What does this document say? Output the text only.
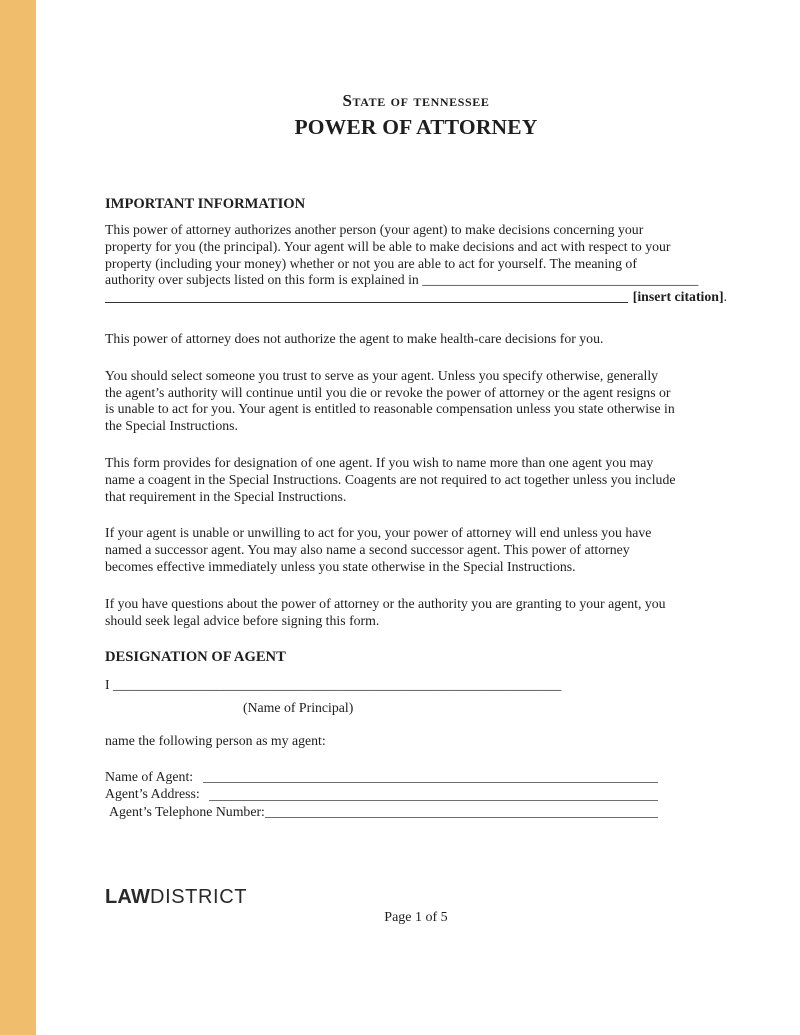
State of tennessee
POWER OF ATTORNEY
IMPORTANT INFORMATION
This power of attorney authorizes another person (your agent) to make decisions concerning your
property for you (the principal). Your agent will be able to make decisions and act with respect to your
property (including your money) whether or not you are able to act for yourself. The meaning of
authority over subjects listed on this form is explained in ________________________________________
[insert citation] .
This power of attorney does not authorize the agent to make health-care decisions for you.
You should select someone you trust to serve as your agent. Unless you specify otherwise, generally
the agent’s authority will continue until you die or revoke the power of attorney or the agent resigns or
is unable to act for you. Your agent is entitled to reasonable compensation unless you state otherwise in
the Special Instructions.
This form provides for designation of one agent. If you wish to name more than one agent you may
name a coagent in the Special Instructions. Coagents are not required to act together unless you include
that requirement in the Special Instructions.
If your agent is unable or unwilling to act for you, your power of attorney will end unless you have
named a successor agent. You may also name a second successor agent. This power of attorney
becomes effective immediately unless you state otherwise in the Special Instructions.
If you have questions about the power of attorney or the authority you are granting to your agent, you
should seek legal advice before signing this form.
DESIGNATION OF AGENT
I _________________________________________________________________
(Name of Principal)
name the following person as my agent:
Name of Agent:
Agent’s Address:
Agent’s Telephone Number:
LAWDISTRICT
Page 1 of 5
